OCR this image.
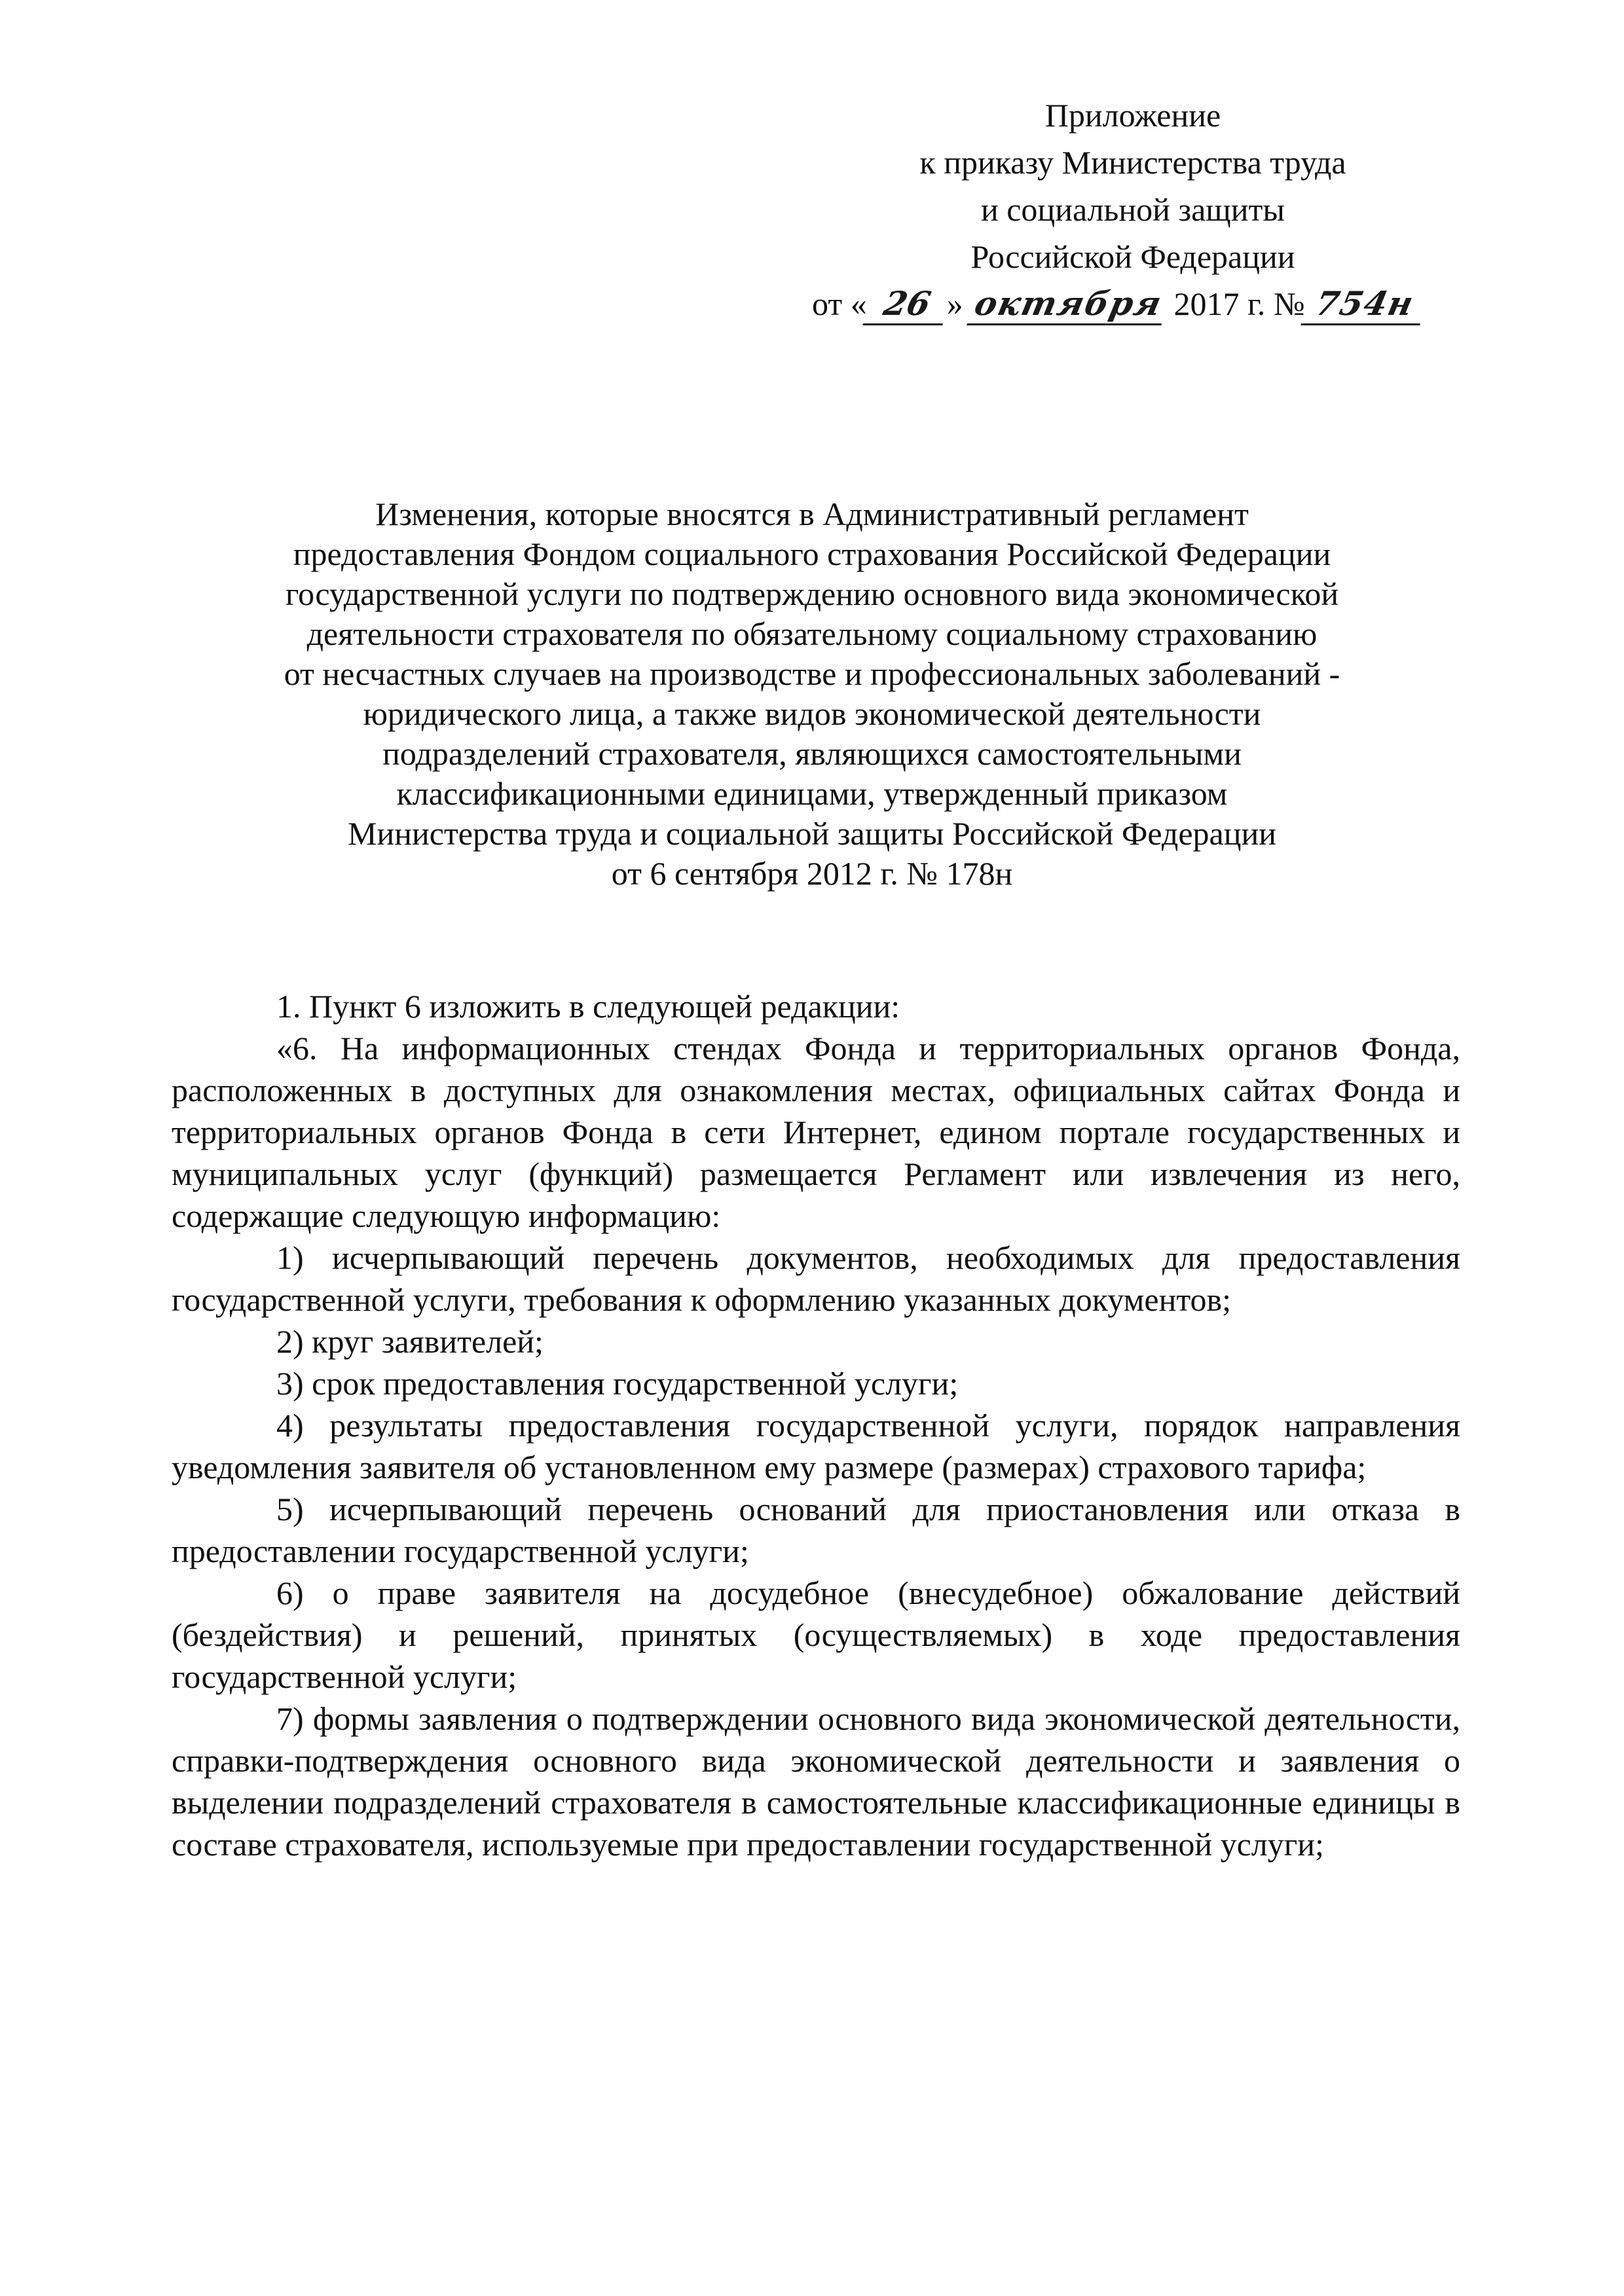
Приложение
к приказу Министерства труда
и социальной защиты
Российской Федерации
от « 26 » октября 2017 г. № 754н
Изменения, которые вносятся в Административный регламент
предоставления Фондом социального страхования Российской Федерации
государственной услуги по подтверждению основного вида экономической
деятельности страхователя по обязательному социальному страхованию
от несчастных случаев на производстве и профессиональных заболеваний -
юридического лица, а также видов экономической деятельности
подразделений страхователя, являющихся самостоятельными
классификационными единицами, утвержденный приказом
Министерства труда и социальной защиты Российской Федерации
от 6 сентября 2012 г. № 178н

1. Пункт 6 изложить в следующей редакции:

«6. На информационных стендах Фонда и территориальных органов Фонда, расположенных в доступных для ознакомления местах, официальных сайтах Фонда и территориальных органов Фонда в сети Интернет, едином портале государственных и муниципальных услуг (функций) размещается Регламент или извлечения из него, содержащие следующую информацию:

1) исчерпывающий перечень документов, необходимых для предоставления государственной услуги, требования к оформлению указанных документов;

2) круг заявителей;

3) срок предоставления государственной услуги;

4) результаты предоставления государственной услуги, порядок направления уведомления заявителя об установленном ему размере (размерах) страхового тарифа;

5) исчерпывающий перечень оснований для приостановления или отказа в предоставлении государственной услуги;

6) о праве заявителя на досудебное (внесудебное) обжалование действий (бездействия) и решений, принятых (осуществляемых) в ходе предоставления государственной услуги;

7) формы заявления о подтверждении основного вида экономической деятельности, справки-подтверждения основного вида экономической деятельности и заявления о выделении подразделений страхователя в самостоятельные классификационные единицы в составе страхователя, используемые при предоставлении государственной услуги;
